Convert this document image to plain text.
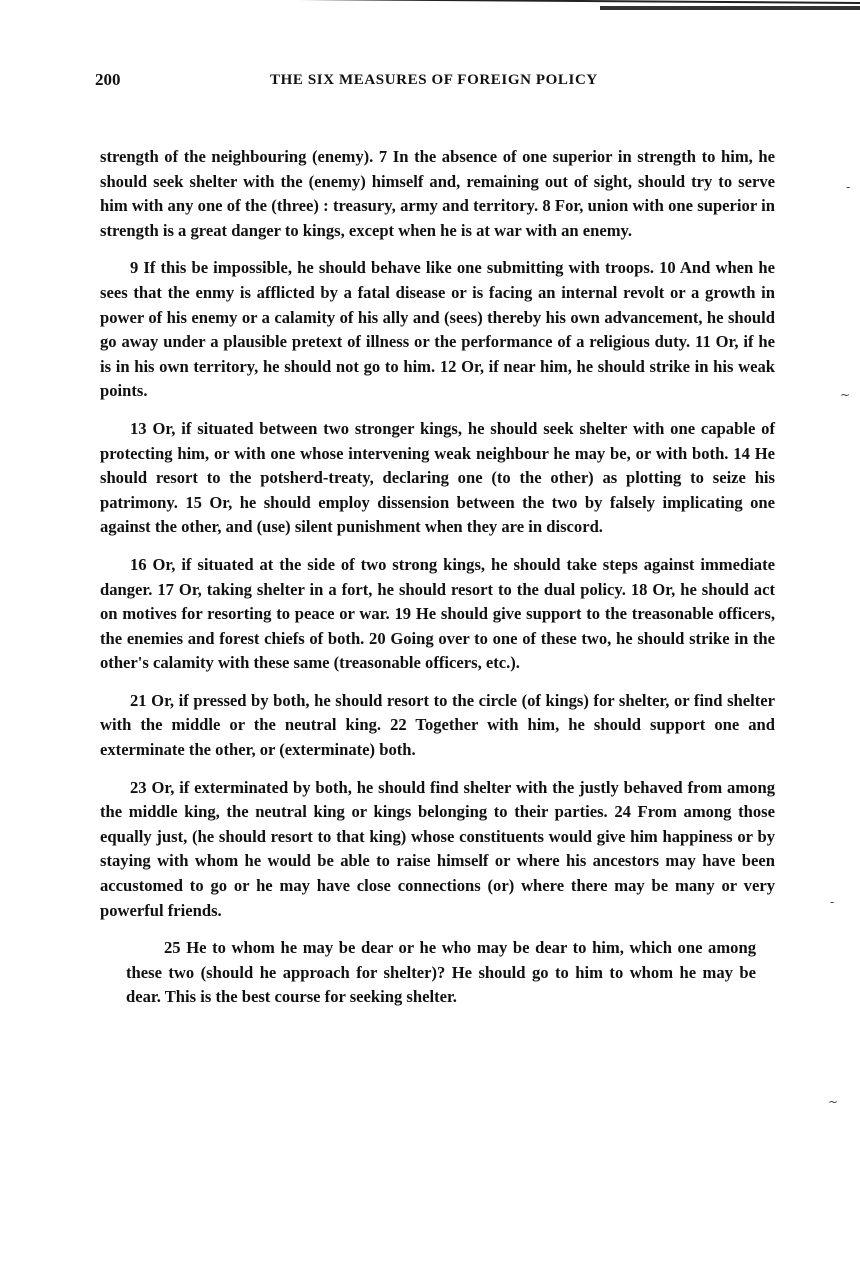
200	THE SIX MEASURES OF FOREIGN POLICY

strength of the neighbouring (enemy). 7 In the absence of one superior in strength to him, he should seek shelter with the (enemy) himself and, remaining out of sight, should try to serve him with any one of the (three) : treasury, army and territory. 8 For, union with one superior in strength is a great danger to kings, except when he is at war with an enemy.

9 If this be impossible, he should behave like one submitting with troops. 10 And when he sees that the enmy is afflicted by a fatal disease or is facing an internal revolt or a growth in power of his enemy or a calamity of his ally and (sees) thereby his own advancement, he should go away under a plausible pretext of illness or the performance of a religious duty. 11 Or, if he is in his own territory, he should not go to him. 12 Or, if near him, he should strike in his weak points.

13 Or, if situated between two stronger kings, he should seek shelter with one capable of protecting him, or with one whose intervening weak neighbour he may be, or with both. 14 He should resort to the potsherd-treaty, declaring one (to the other) as plotting to seize his patrimony. 15 Or, he should employ dissension between the two by falsely implicating one against the other, and (use) silent punishment when they are in discord.

16 Or, if situated at the side of two strong kings, he should take steps against immediate danger. 17 Or, taking shelter in a fort, he should resort to the dual policy. 18 Or, he should act on motives for resorting to peace or war. 19 He should give support to the treasonable officers, the enemies and forest chiefs of both. 20 Going over to one of these two, he should strike in the other's calamity with these same (treasonable officers, etc.).

21 Or, if pressed by both, he should resort to the circle (of kings) for shelter, or find shelter with the middle or the neutral king. 22 Together with him, he should support one and exterminate the other, or (exterminate) both.

23 Or, if exterminated by both, he should find shelter with the justly behaved from among the middle king, the neutral king or kings belonging to their parties. 24 From among those equally just, (he should resort to that king) whose constituents would give him happiness or by staying with whom he would be able to raise himself or where his ancestors may have been accustomed to go or he may have close connections (or) where there may be many or very powerful friends.

25 He to whom he may be dear or he who may be dear to him, which one among these two (should he approach for shelter)? He should go to him to whom he may be dear. This is the best course for seeking shelter.

-
~
-
~
